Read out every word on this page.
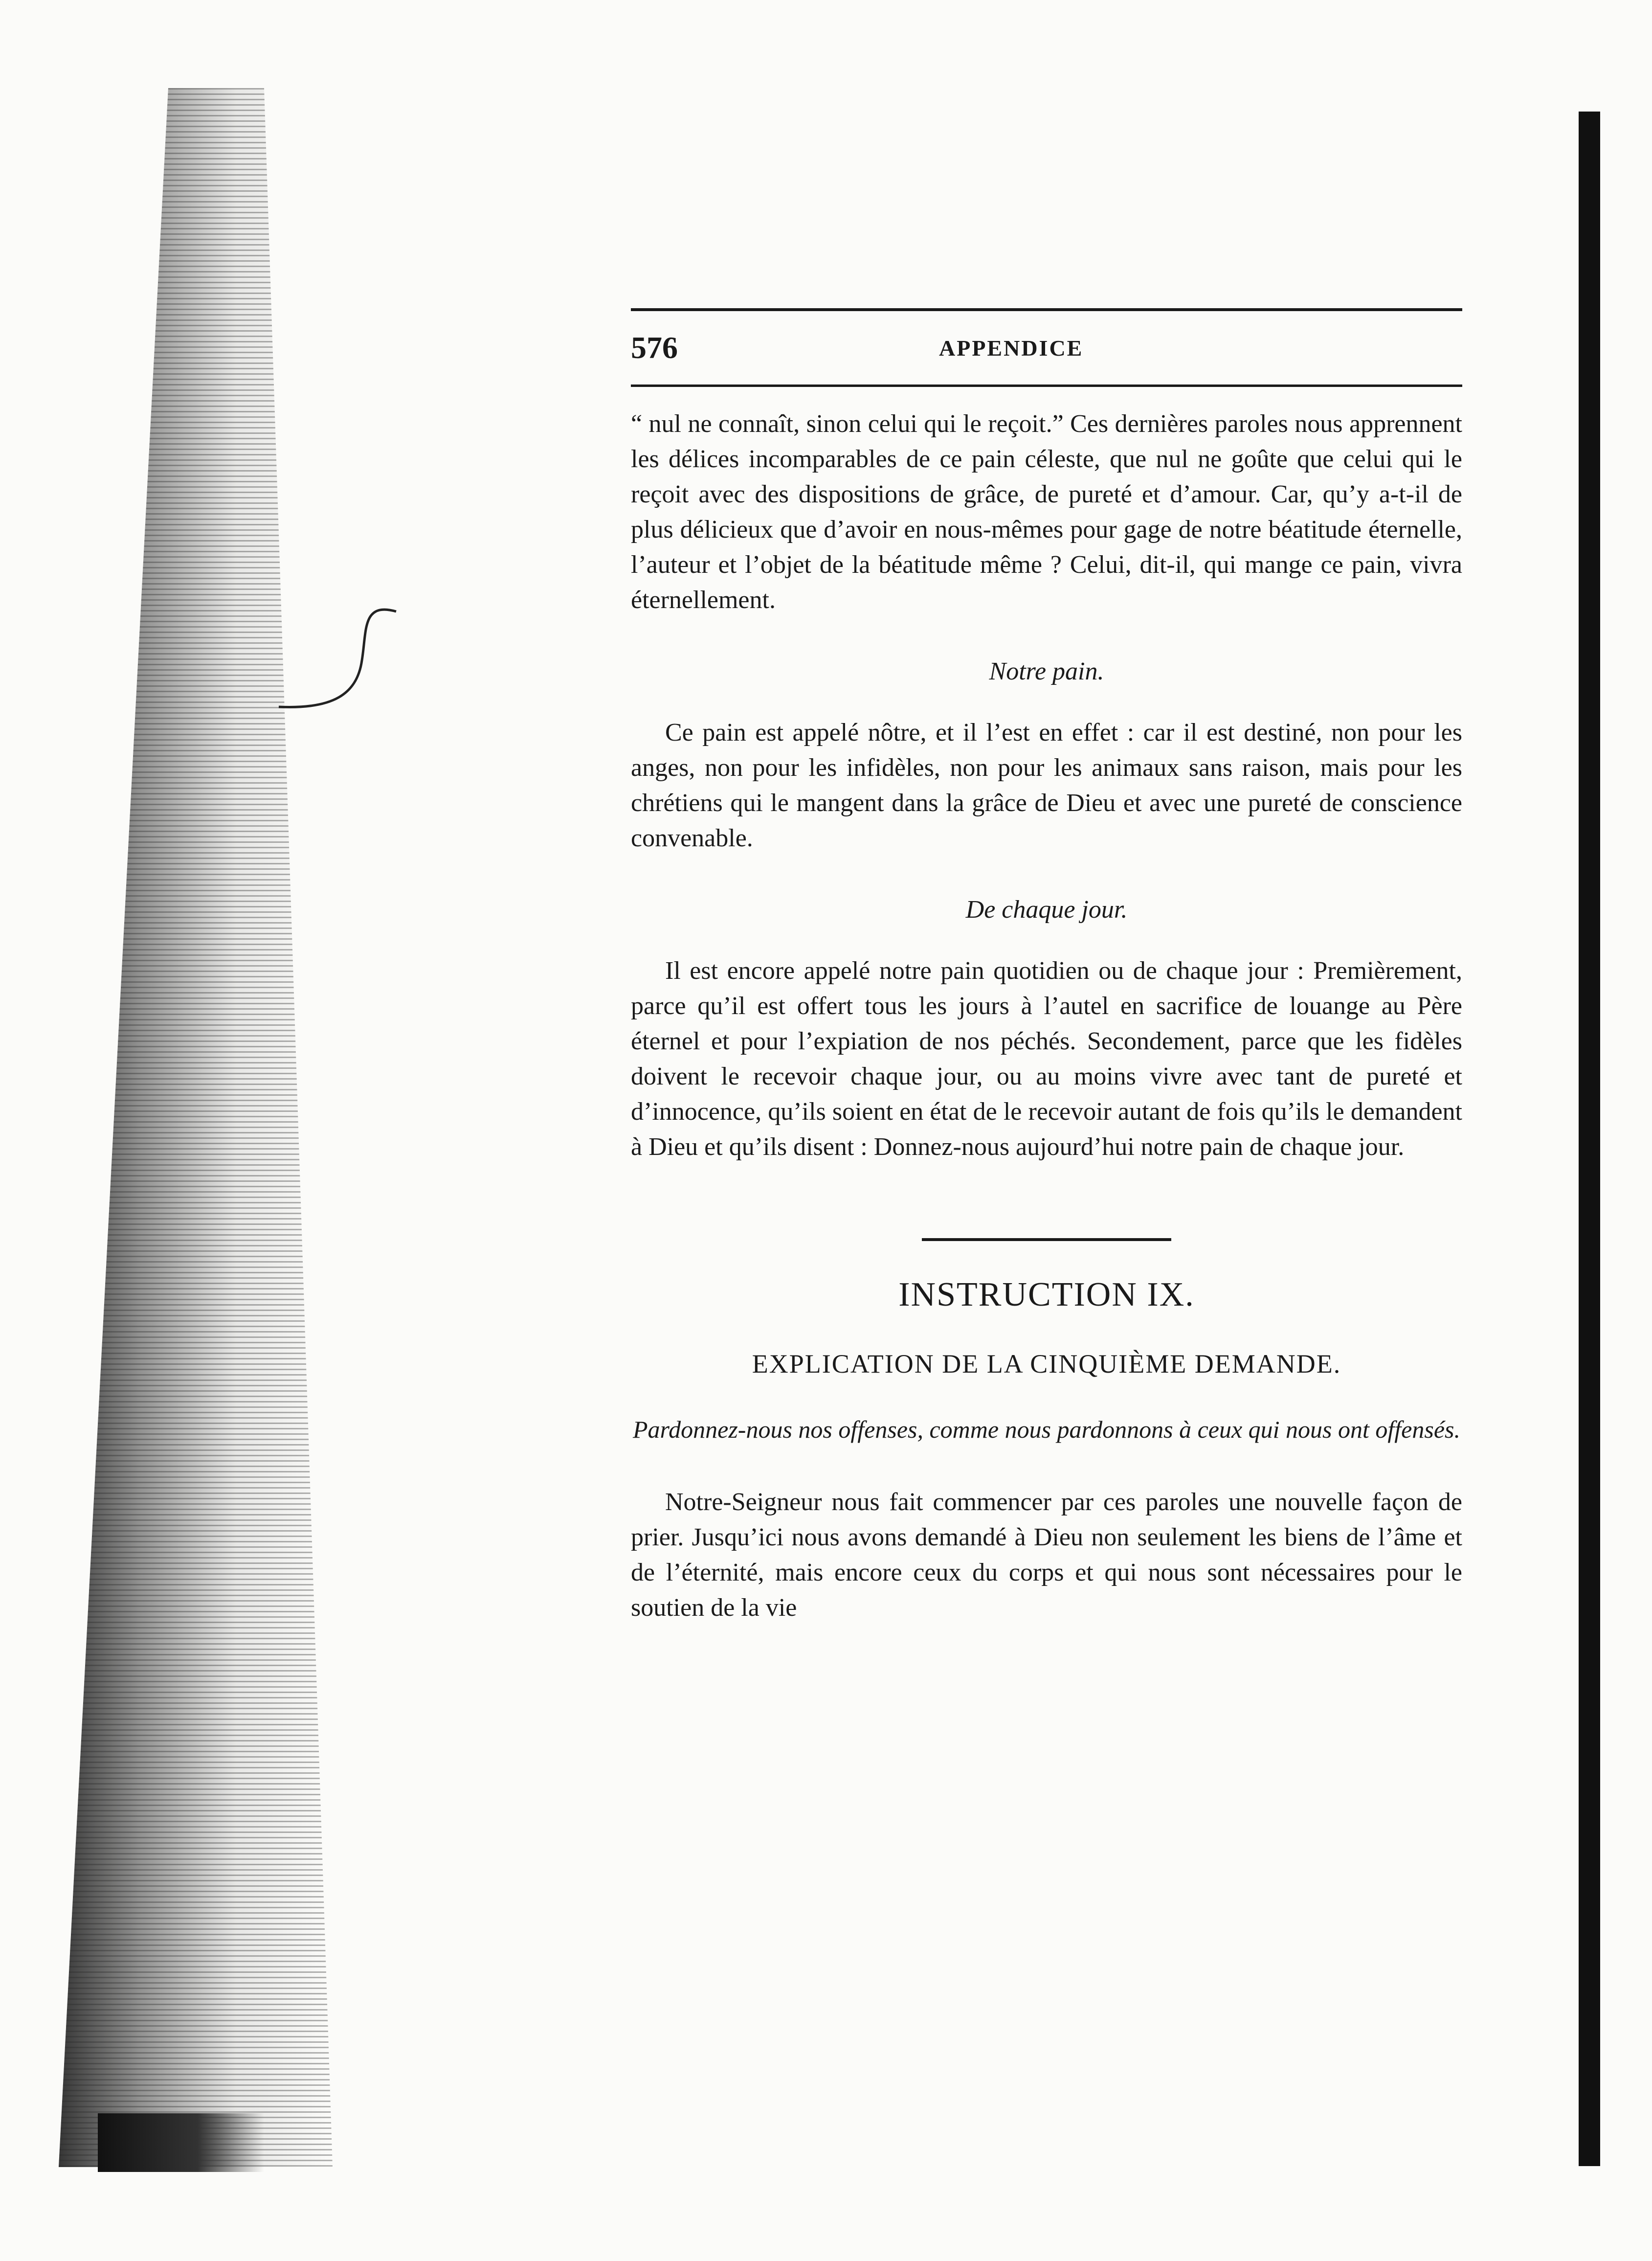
576	APPENDICE

“ nul ne connaît, sinon celui qui le reçoit.” Ces dernières paroles nous apprennent les délices incomparables de ce pain céleste, que nul ne goûte que celui qui le reçoit avec des dispositions de grâce, de pureté et d’amour. Car, qu’y a-t-il de plus délicieux que d’avoir en nous-mêmes pour gage de notre béatitude éternelle, l’auteur et l’objet de la béatitude même ? Celui, dit-il, qui mange ce pain, vivra éternellement.

Notre pain.

Ce pain est appelé nôtre, et il l’est en effet : car il est destiné, non pour les anges, non pour les infidèles, non pour les animaux sans raison, mais pour les chrétiens qui le mangent dans la grâce de Dieu et avec une pureté de conscience convenable.

De chaque jour.

Il est encore appelé notre pain quotidien ou de chaque jour : Premièrement, parce qu’il est offert tous les jours à l’autel en sacrifice de louange au Père éternel et pour l’expiation de nos péchés. Secondement, parce que les fidèles doivent le recevoir chaque jour, ou au moins vivre avec tant de pureté et d’innocence, qu’ils soient en état de le recevoir autant de fois qu’ils le demandent à Dieu et qu’ils disent : Donnez-nous aujourd’hui notre pain de chaque jour.

INSTRUCTION IX.
EXPLICATION DE LA CINQUIÈME DEMANDE.
Pardonnez-nous nos offenses, comme nous pardonnons à ceux qui nous ont offensés.

Notre-Seigneur nous fait commencer par ces paroles une nouvelle façon de prier. Jusqu’ici nous avons demandé à Dieu non seulement les biens de l’âme et de l’éternité, mais encore ceux du corps et qui nous sont nécessaires pour le soutien de la vie
